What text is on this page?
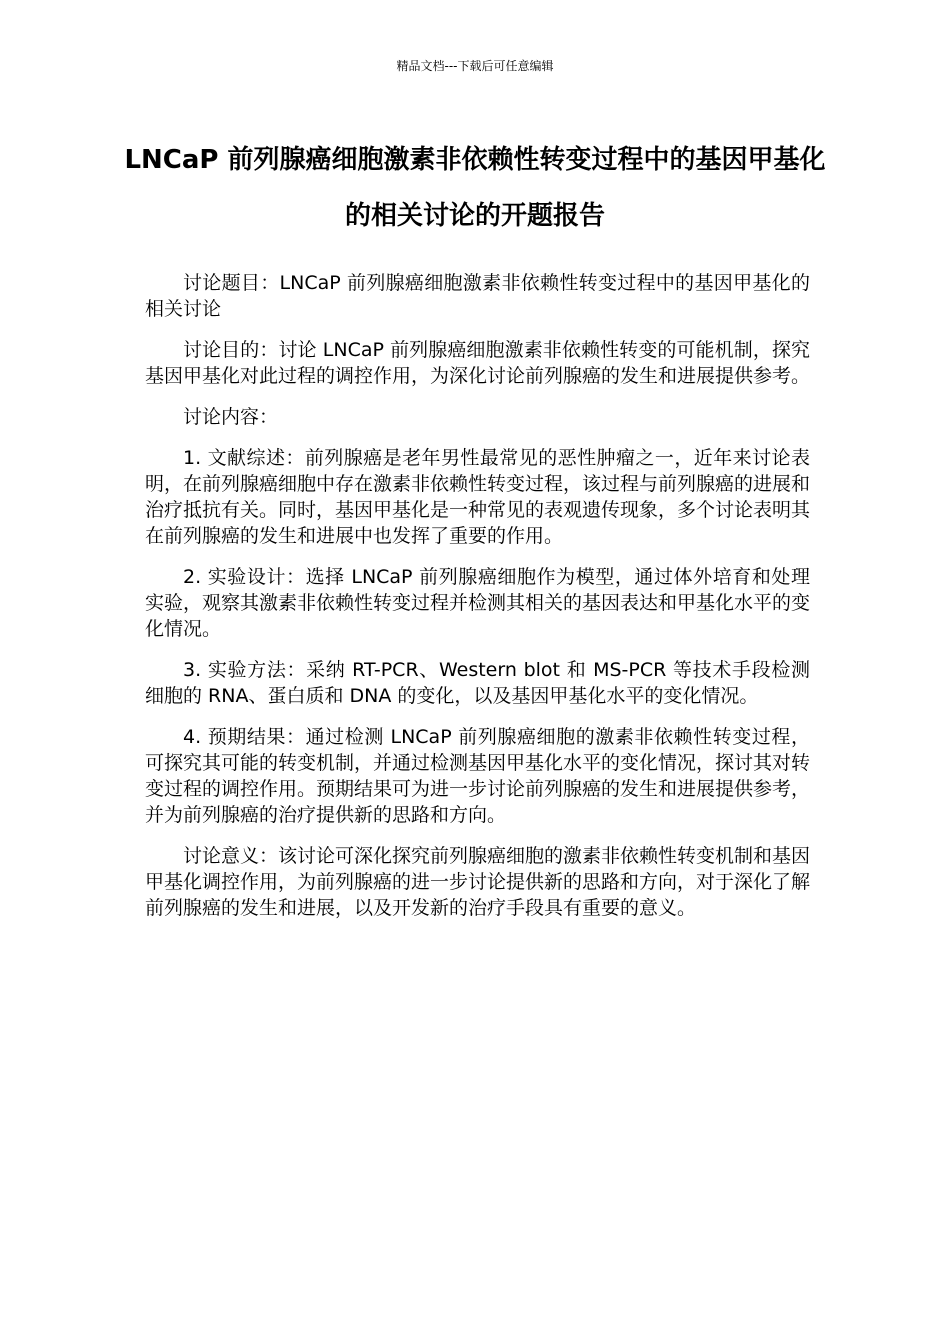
精品文档---下载后可任意编辑
LNCaP 前列腺癌细胞激素非依赖性转变过程中的基因甲基化的相关讨论的开题报告

讨论题目：LNCaP 前列腺癌细胞激素非依赖性转变过程中的基因甲基化的相关讨论

讨论目的：讨论 LNCaP 前列腺癌细胞激素非依赖性转变的可能机制，探究基因甲基化对此过程的调控作用，为深化讨论前列腺癌的发生和进展提供参考。

讨论内容：

1. 文献综述：前列腺癌是老年男性最常见的恶性肿瘤之一，近年来讨论表明，在前列腺癌细胞中存在激素非依赖性转变过程，该过程与前列腺癌的进展和治疗抵抗有关。同时，基因甲基化是一种常见的表观遗传现象，多个讨论表明其在前列腺癌的发生和进展中也发挥了重要的作用。

2. 实验设计：选择 LNCaP 前列腺癌细胞作为模型，通过体外培育和处理实验，观察其激素非依赖性转变过程并检测其相关的基因表达和甲基化水平的变化情况。

3. 实验方法：采纳 RT-PCR、Western blot 和 MS-PCR 等技术手段检测细胞的 RNA、蛋白质和 DNA 的变化，以及基因甲基化水平的变化情况。

4. 预期结果：通过检测 LNCaP 前列腺癌细胞的激素非依赖性转变过程，可探究其可能的转变机制，并通过检测基因甲基化水平的变化情况，探讨其对转变过程的调控作用。预期结果可为进一步讨论前列腺癌的发生和进展提供参考，并为前列腺癌的治疗提供新的思路和方向。

讨论意义：该讨论可深化探究前列腺癌细胞的激素非依赖性转变机制和基因甲基化调控作用，为前列腺癌的进一步讨论提供新的思路和方向，对于深化了解前列腺癌的发生和进展，以及开发新的治疗手段具有重要的意义。
